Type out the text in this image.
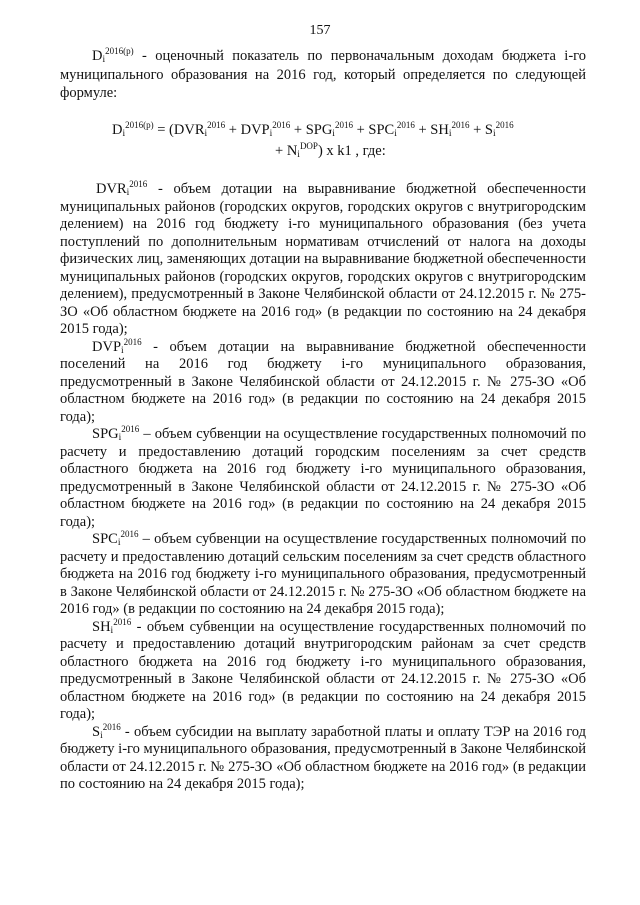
157

$D_i^{2016(р)}$ - оценочный показатель по первоначальным доходам бюджета i-го муниципального образования на 2016 год, который определяется по следующей формуле:

$D_i^{2016(р)} = (DVR_i^{2016} + DVP_i^{2016} + SPG_i^{2016} + SPC_i^{2016} + SH_i^{2016} + S_i^{2016}$
+ $N_i^{DOP}$) x k1 , где:

$DVR_i^{2016}$ - объем дотации на выравнивание бюджетной обеспеченности муниципальных районов (городских округов, городских округов с внутригородским делением) на 2016 год бюджету i-го муниципального образования (без учета поступлений по дополнительным нормативам отчислений от налога на доходы физических лиц, заменяющих дотации на выравнивание бюджетной обеспеченности муниципальных районов (городских округов, городских округов с внутригородским делением), предусмотренный в Законе Челябинской области от 24.12.2015 г. № 275-ЗО «Об областном бюджете на 2016 год» (в редакции по состоянию на 24 декабря 2015 года);

$DVP_i^{2016}$ - объем дотации на выравнивание бюджетной обеспеченности поселений на 2016 год бюджету i-го муниципального образования, предусмотренный в Законе Челябинской области от 24.12.2015 г. № 275-ЗО «Об областном бюджете на 2016 год» (в редакции по состоянию на 24 декабря 2015 года);

$SPG_i^{2016}$ – объем субвенции на осуществление государственных полномочий по расчету и предоставлению дотаций городским поселениям за счет средств областного бюджета на 2016 год бюджету i-го муниципального образования, предусмотренный в Законе Челябинской области от 24.12.2015 г. № 275-ЗО «Об областном бюджете на 2016 год» (в редакции по состоянию на 24 декабря 2015 года);

$SPC_i^{2016}$ – объем субвенции на осуществление государственных полномочий по расчету и предоставлению дотаций сельским поселениям за счет средств областного бюджета на 2016 год бюджету i-го муниципального образования, предусмотренный в Законе Челябинской области от 24.12.2015 г. № 275-ЗО «Об областном бюджете на 2016 год» (в редакции по состоянию на 24 декабря 2015 года);

$SH_i^{2016}$ - объем субвенции на осуществление государственных полномочий по расчету и предоставлению дотаций внутригородским районам за счет средств областного бюджета на 2016 год бюджету i-го муниципального образования, предусмотренный в Законе Челябинской области от 24.12.2015 г. № 275-ЗО «Об областном бюджете на 2016 год» (в редакции по состоянию на 24 декабря 2015 года);

$S_i^{2016}$ - объем субсидии на выплату заработной платы и оплату ТЭР на 2016 год бюджету i-го муниципального образования, предусмотренный в Законе Челябинской области от 24.12.2015 г. № 275-ЗО «Об областном бюджете на 2016 год» (в редакции по состоянию на 24 декабря 2015 года);
